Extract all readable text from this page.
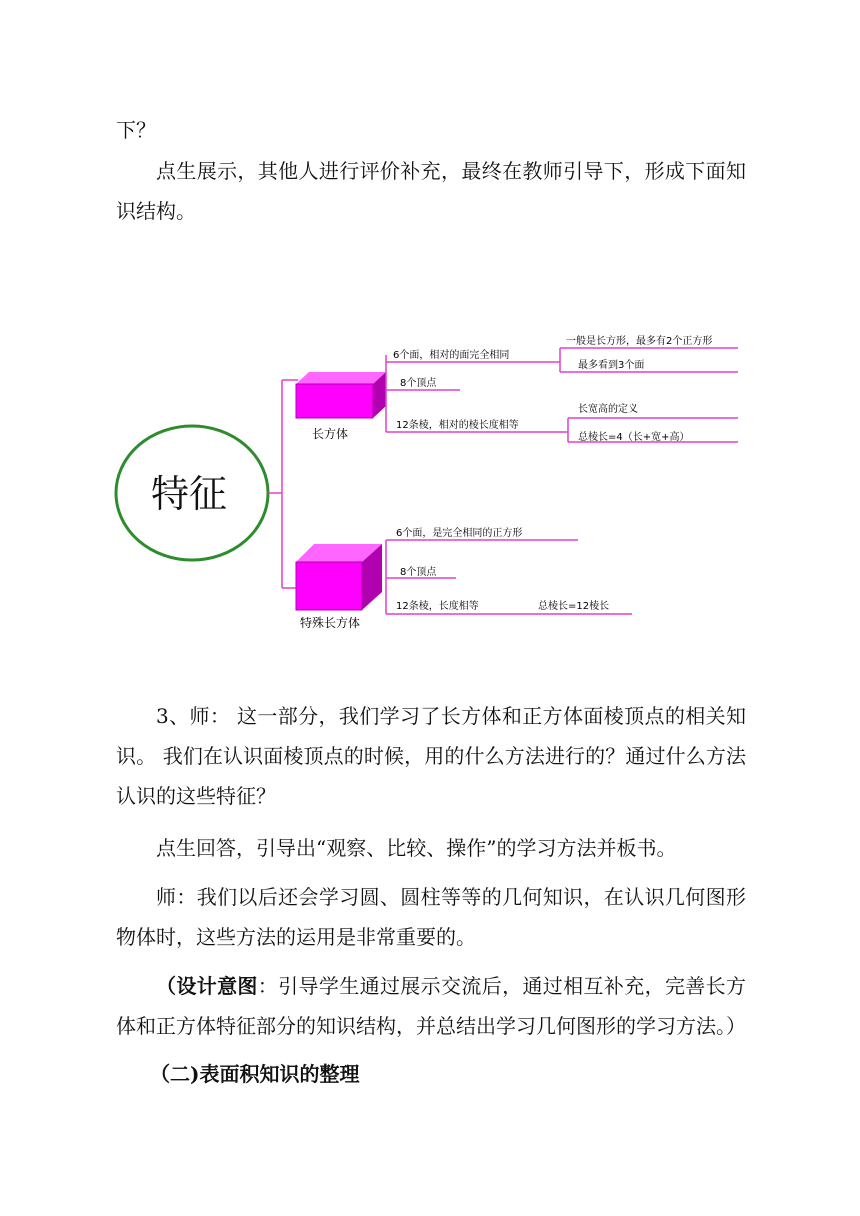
下？

点生展示，其他人进行评价补充，最终在教师引导下，形成下面知识结构。

特征
长方体
6个面，相对的面完全相同
一般是长方形，最多有2个正方形
最多看到3个面
8个顶点
12条棱，相对的棱长度相等
长宽高的定义
总棱长=4（长+宽+高）
特殊长方体
6个面，是完全相同的正方形
8个顶点
12条棱，长度相等	总棱长=12棱长

3、师： 这一部分，我们学习了长方体和正方体面棱顶点的相关知识。 我们在认识面棱顶点的时候，用的什么方法进行的？通过什么方法认识的这些特征？

点生回答，引导出“观察、比较、操作”的学习方法并板书。

师：我们以后还会学习圆、圆柱等等的几何知识，在认识几何图形物体时，这些方法的运用是非常重要的。

（设计意图：引导学生通过展示交流后，通过相互补充，完善长方体和正方体特征部分的知识结构，并总结出学习几何图形的学习方法。）

（二)表面积知识的整理
